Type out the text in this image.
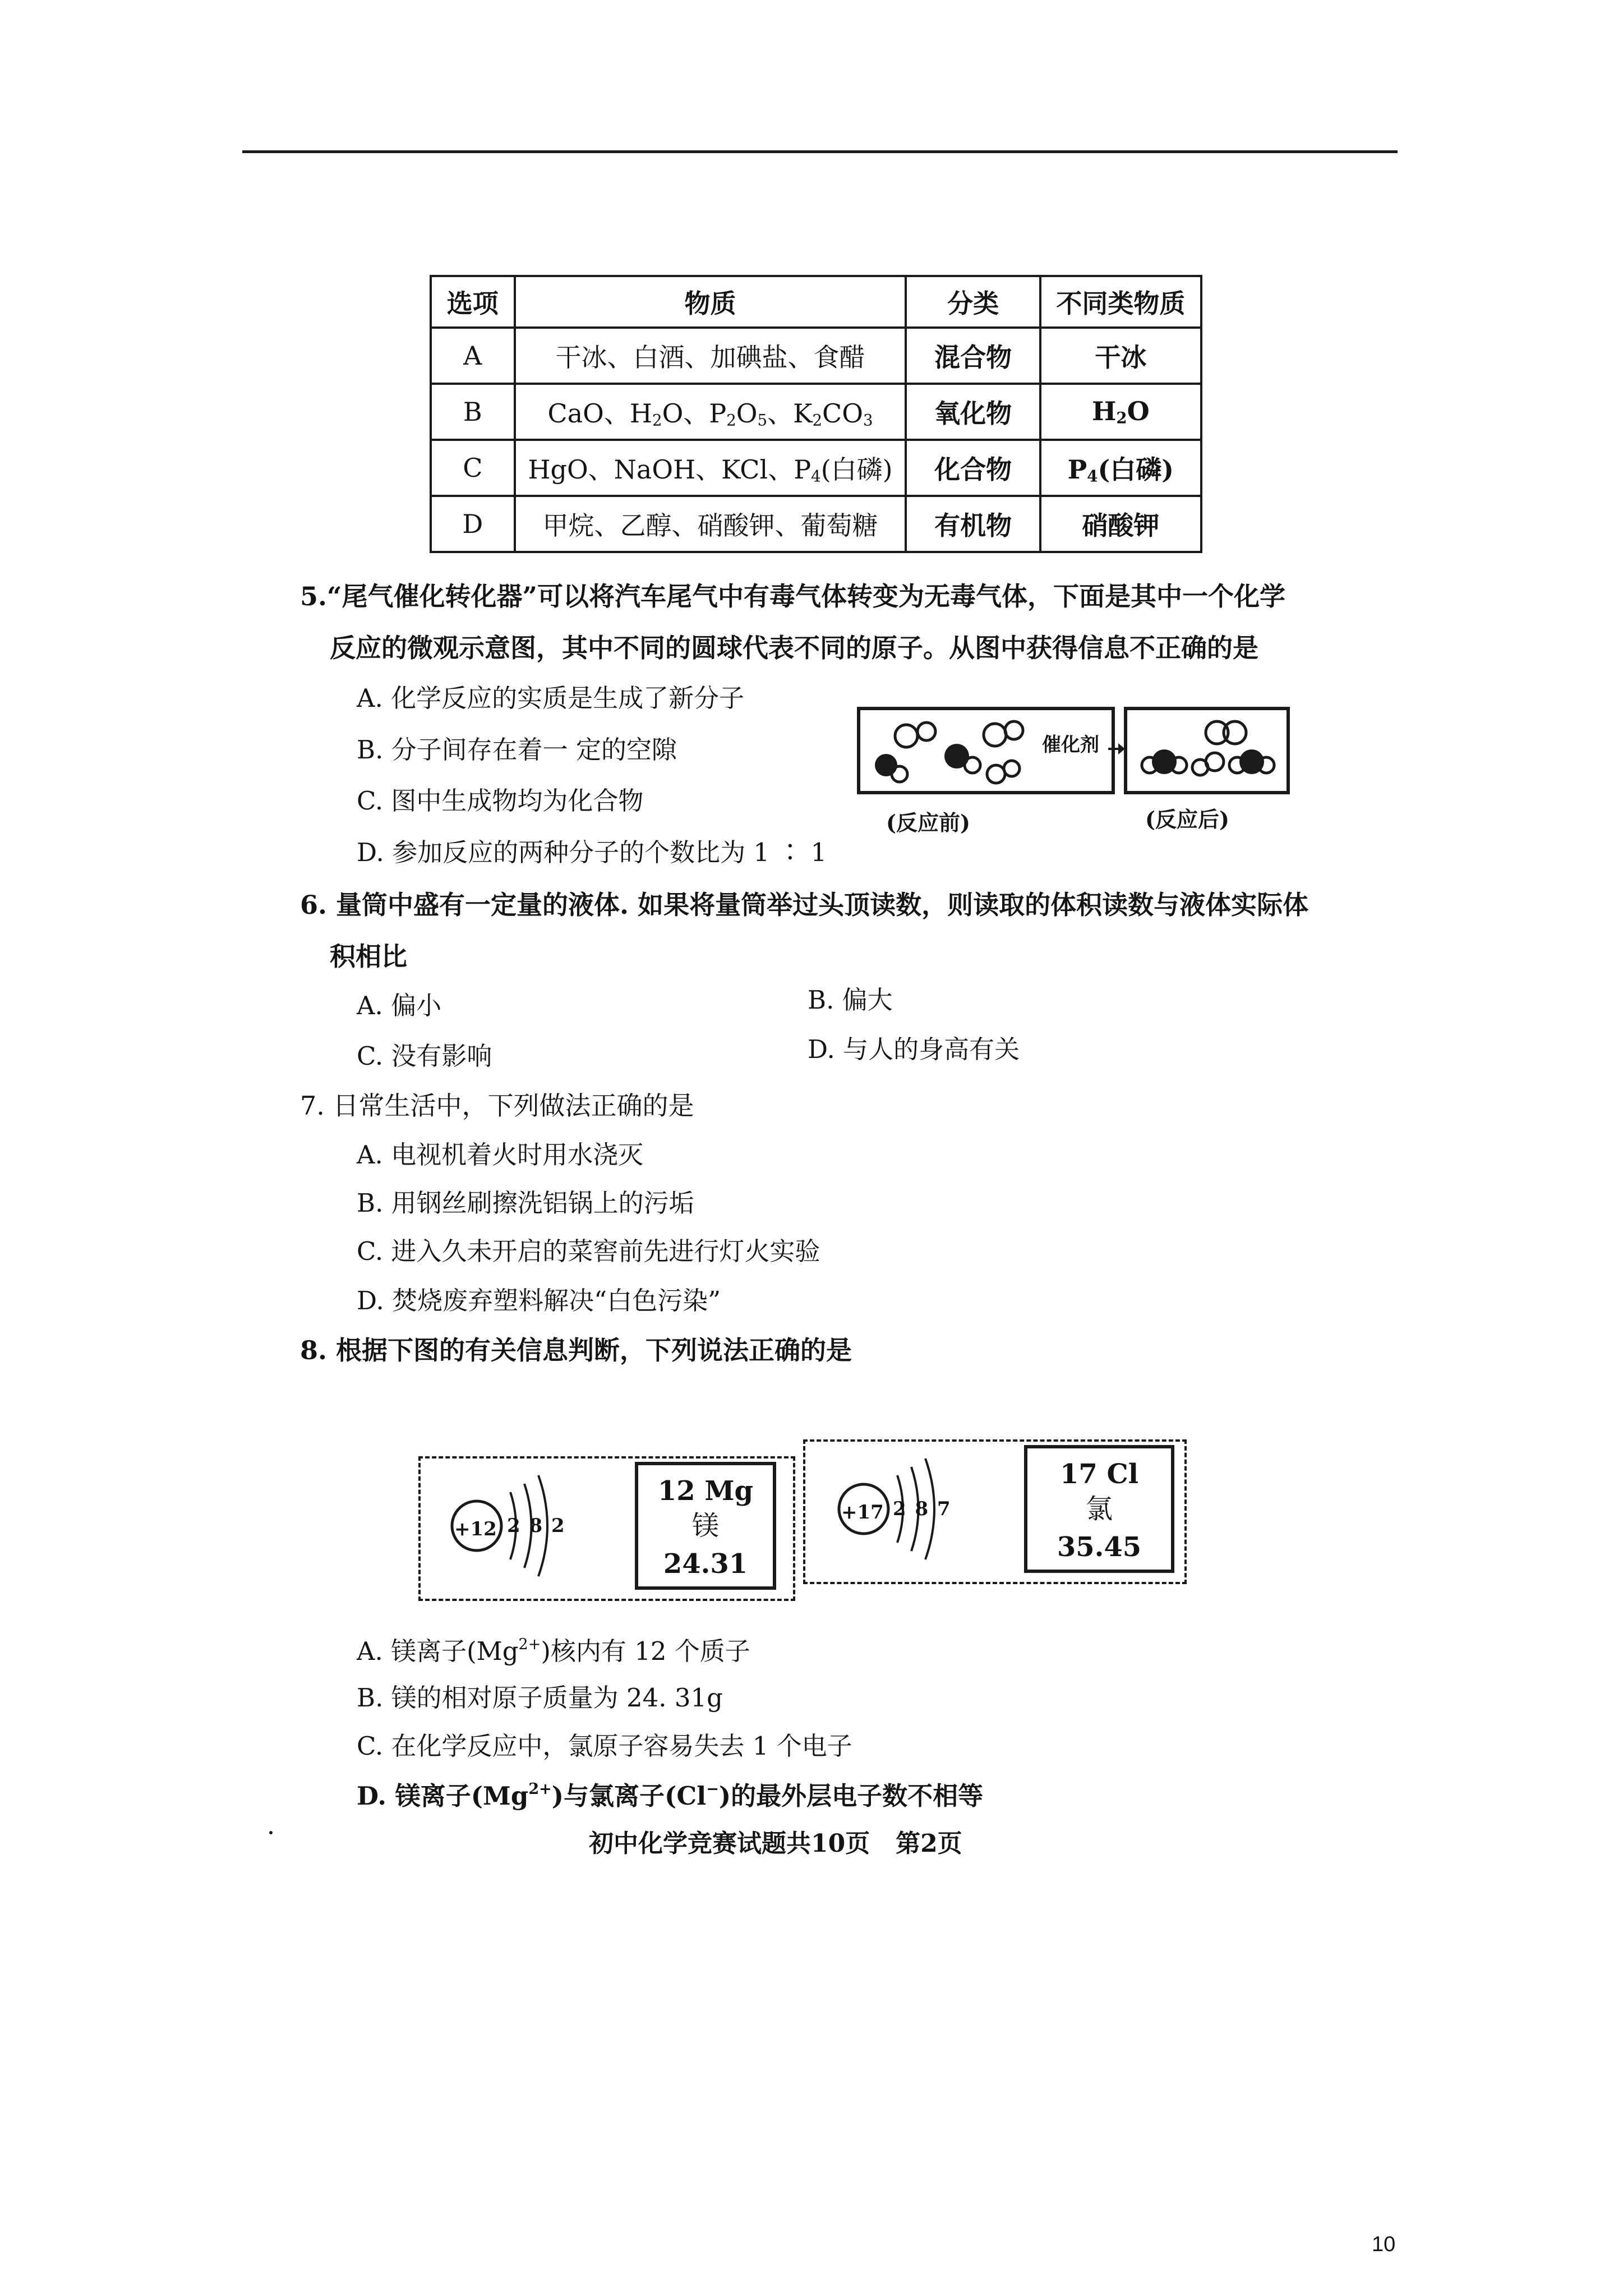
选项	物质	分类	不同类物质
A	干冰、白酒、加碘盐、食醋	混合物	干冰
B	CaO、$H_2O$、$P_2O_5$、$K_2CO_3$	氧化物	$H_2O$
C	HgO、NaOH、KCl、$P_4$(白磷)	化合物	$P_4$(白磷)
D	甲烷、乙醇、硝酸钾、葡萄糖	有机物	硝酸钾
5.“尾气催化转化器”可以将汽车尾气中有毒气体转变为无毒气体，下面是其中一个化学
反应的微观示意图，其中不同的圆球代表不同的原子。从图中获得信息不正确的是
A. 化学反应的实质是生成了新分子
B. 分子间存在着一 定的空隙
C. 图中生成物均为化合物
D. 参加反应的两种分子的个数比为 1 ∶ 1
催化剂 →
(反应前)	(反应后)
6. 量筒中盛有一定量的液体. 如果将量筒举过头顶读数，则读取的体积读数与液体实际体
积相比
A. 偏小	B. 偏大
C. 没有影响	D. 与人的身高有关
7. 日常生活中，下列做法正确的是
A. 电视机着火时用水浇灭
B. 用钢丝刷擦洗铝锅上的污垢
C. 进入久未开启的菜窖前先进行灯火实验
D. 焚烧废弃塑料解决“白色污染”
8. 根据下图的有关信息判断，下列说法正确的是
+12 2 8 2
12 Mg
镁
24.31
+17 2 8 7
17 Cl
氯
35.45
A. 镁离子$(Mg^{2+})$核内有 12 个质子
B. 镁的相对原子质量为 24. 31g
C. 在化学反应中，氯原子容易失去 1 个电子
D. 镁离子$(Mg^{2+})$与氯离子(Cl−)的最外层电子数不相等
初中化学竞赛试题共10页   第2页
10
